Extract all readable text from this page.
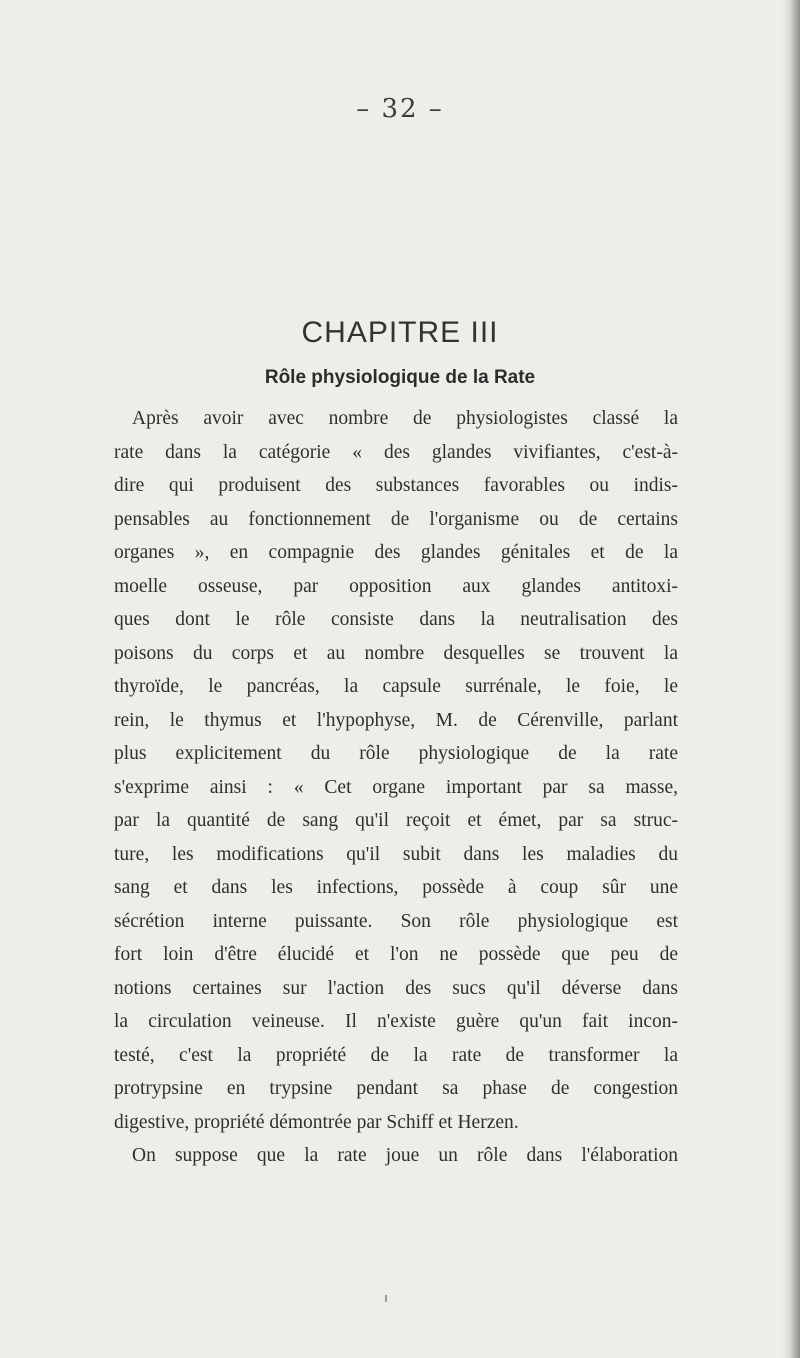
– 32 –
CHAPITRE III
Rôle physiologique de la Rate
Après avoir avec nombre de physiologistes classé la
rate dans la catégorie « des glandes vivifiantes, c'est-à-
dire qui produisent des substances favorables ou indis-
pensables au fonctionnement de l'organisme ou de certains
organes », en compagnie des glandes génitales et de la
moelle osseuse, par opposition aux glandes antitoxi-
ques dont le rôle consiste dans la neutralisation des
poisons du corps et au nombre desquelles se trouvent la
thyroïde, le pancréas, la capsule surrénale, le foie, le
rein, le thymus et l'hypophyse, M. de Cérenville, parlant
plus explicitement du rôle physiologique de la rate
s'exprime ainsi : « Cet organe important par sa masse,
par la quantité de sang qu'il reçoit et émet, par sa struc-
ture, les modifications qu'il subit dans les maladies du
sang et dans les infections, possède à coup sûr une
sécrétion interne puissante. Son rôle physiologique est
fort loin d'être élucidé et l'on ne possède que peu de
notions certaines sur l'action des sucs qu'il déverse dans
la circulation veineuse. Il n'existe guère qu'un fait incon-
testé, c'est la propriété de la rate de transformer la
protrypsine en trypsine pendant sa phase de congestion
digestive, propriété démontrée par Schiff et Herzen.
On suppose que la rate joue un rôle dans l'élaboration
